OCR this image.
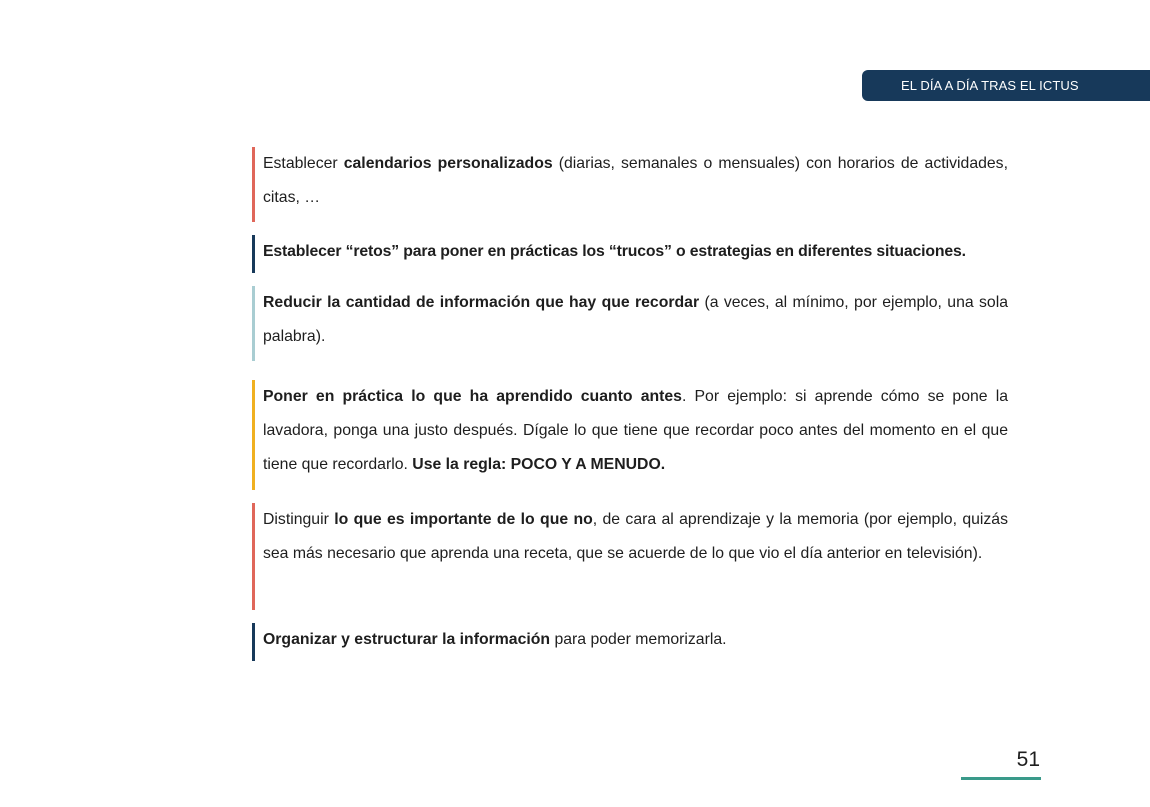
EL DÍA A DÍA TRAS EL ICTUS
Establecer calendarios personalizados (diarias, semanales o mensuales) con horarios de actividades, citas, …
Establecer “retos” para poner en prácticas los “trucos” o estrategias en diferentes situaciones.
Reducir la cantidad de información que hay que recordar (a veces, al mínimo, por ejemplo, una sola palabra).
Poner en práctica lo que ha aprendido cuanto antes. Por ejemplo: si aprende cómo se pone la lavadora, ponga una justo después. Dígale lo que tiene que recordar poco antes del momento en el que tiene que recordarlo. Use la regla: POCO Y A MENUDO.
Distinguir lo que es importante de lo que no, de cara al aprendizaje y la memoria (por ejemplo, quizás sea más necesario que aprenda una receta, que se acuerde de lo que vio el día anterior en televisión).
Organizar y estructurar la información para poder memorizarla.
51
